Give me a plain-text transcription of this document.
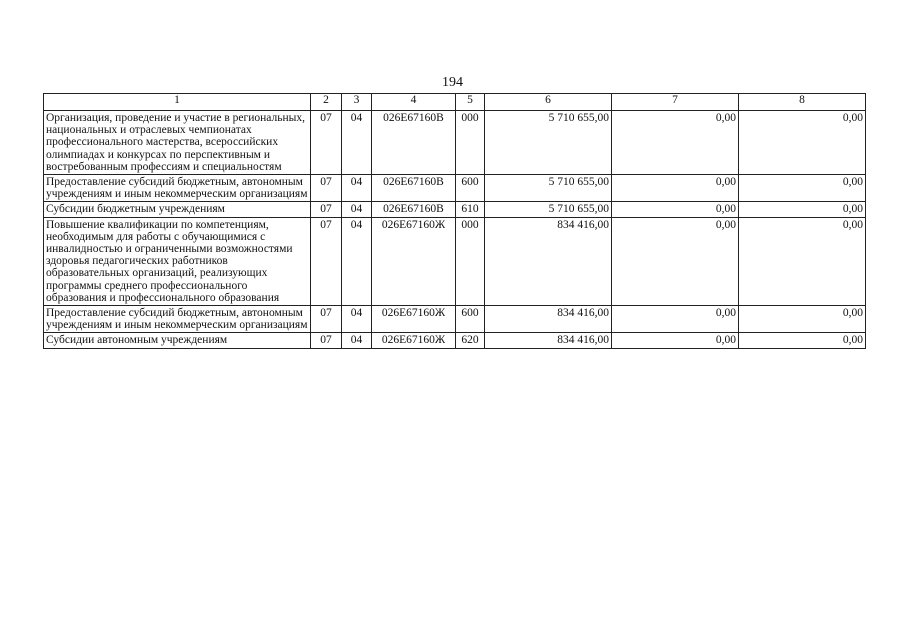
194
1	2	3	4	5	6	7	8
Организация, проведение и участие в региональных, национальных и отраслевых чемпионатах профессионального мастерства, всероссийских олимпиадах и конкурсах по перспективным и востребованным профессиям и специальностям	07	04	026Е67160В	000	5 710 655,00	0,00	0,00
Предоставление субсидий бюджетным, автономным учреждениям и иным некоммерческим организациям	07	04	026Е67160В	600	5 710 655,00	0,00	0,00
Субсидии бюджетным учреждениям	07	04	026Е67160В	610	5 710 655,00	0,00	0,00
Повышение квалификации по компетенциям, необходимым для работы с обучающимися с инвалидностью и ограниченными возможностями здоровья педагогических работников образовательных организаций, реализующих программы среднего профессионального образования и профессионального образования	07	04	026Е67160Ж	000	834 416,00	0,00	0,00
Предоставление субсидий бюджетным, автономным учреждениям и иным некоммерческим организациям	07	04	026Е67160Ж	600	834 416,00	0,00	0,00
Субсидии автономным учреждениям	07	04	026Е67160Ж	620	834 416,00	0,00	0,00
